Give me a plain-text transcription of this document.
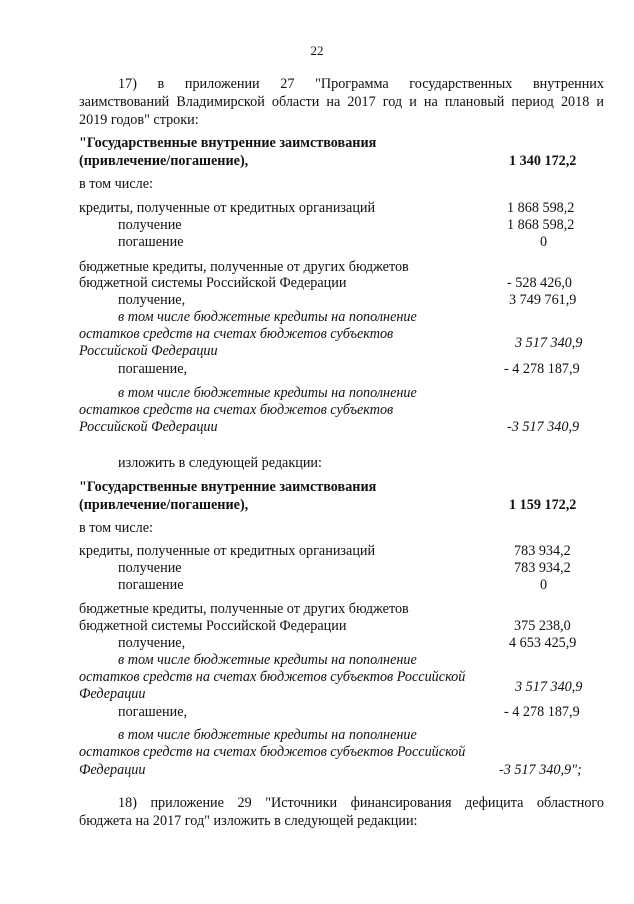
22
17) в приложении 27 "Программа государственных внутренних
заимствований Владимирской области на 2017 год и на плановый период 2018 и
2019 годов" строки:
"Государственные внутренние заимствования
(привлечение/погашение),	1 340 172,2
в том числе:
кредиты, полученные от кредитных организаций	1 868 598,2
получение	1 868 598,2
погашение	0
бюджетные кредиты, полученные от других бюджетов
бюджетной системы Российской Федерации	- 528 426,0
получение,	3 749 761,9
в том числе бюджетные кредиты на пополнение
остатков средств на счетах бюджетов субъектов
Российской Федерации	3 517 340,9
погашение,	- 4 278 187,9
в том числе бюджетные кредиты на пополнение
остатков средств на счетах бюджетов субъектов
Российской Федерации	-3 517 340,9
изложить в следующей редакции:
"Государственные внутренние заимствования
(привлечение/погашение),	1 159 172,2
в том числе:
кредиты, полученные от кредитных организаций	783 934,2
получение	783 934,2
погашение	0
бюджетные кредиты, полученные от других бюджетов
бюджетной системы Российской Федерации	375 238,0
получение,	4 653 425,9
в том числе бюджетные кредиты на пополнение
остатков средств на счетах бюджетов субъектов Российской
Федерации	3 517 340,9
погашение,	- 4 278 187,9
в том числе бюджетные кредиты на пополнение
остатков средств на счетах бюджетов субъектов Российской
Федерации	-3 517 340,9";
18) приложение 29 "Источники финансирования дефицита областного
бюджета на 2017 год" изложить в следующей редакции:
